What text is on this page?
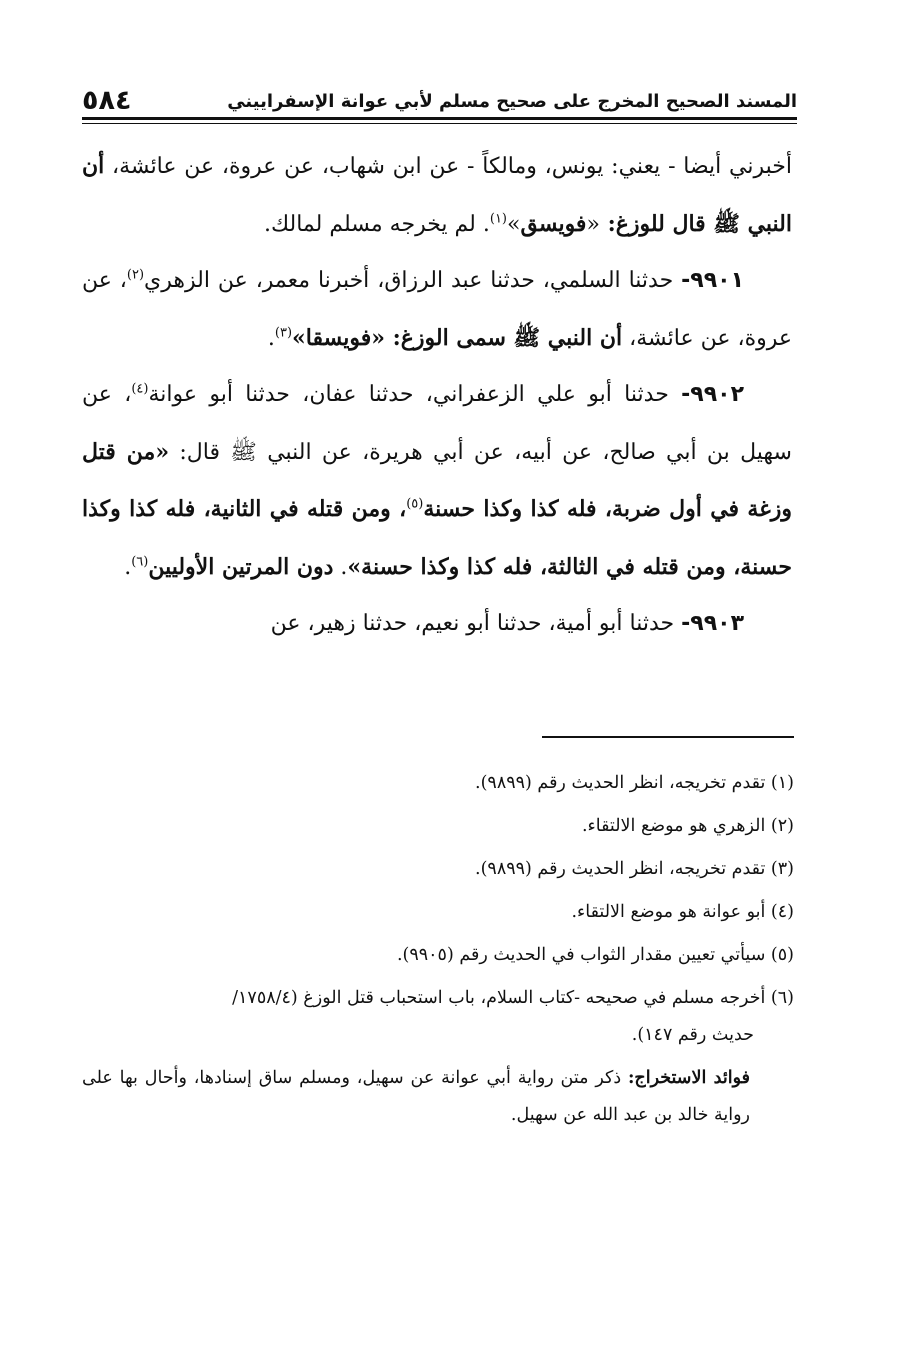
المسند الصحيح المخرج على صحيح مسلم لأبي عوانة الإسفراييني
٥٨٤

أخبرني أيضا - يعني: يونس، ومالكاً - عن ابن شهاب، عن عروة، عن عائشة، أن النبي ﷺ قال للوزغ: «فويسق»$^{(١)}$. لم يخرجه مسلم لمالك.

٩٩٠١- حدثنا السلمي، حدثنا عبد الرزاق، أخبرنا معمر، عن الزهري$^{(٢)}$، عن عروة، عن عائشة، أن النبي ﷺ سمى الوزغ: «فويسقا»$^{(٣)}$.

٩٩٠٢- حدثنا أبو علي الزعفراني، حدثنا عفان، حدثنا أبو عوانة$^{(٤)}$، عن سهيل بن أبي صالح، عن أبيه، عن أبي هريرة، عن النبي ﷺ قال: «من قتل وزغة في أول ضربة، فله كذا وكذا حسنة$^{(٥)}$، ومن قتله في الثانية، فله كذا وكذا حسنة، ومن قتله في الثالثة، فله كذا وكذا حسنة». دون المرتين الأوليين$^{(٦)}$.

٩٩٠٣- حدثنا أبو أمية، حدثنا أبو نعيم، حدثنا زهير، عن

(١) تقدم تخريجه، انظر الحديث رقم (٩٨٩٩).

(٢) الزهري هو موضع الالتقاء.

(٣) تقدم تخريجه، انظر الحديث رقم (٩٨٩٩).

(٤) أبو عوانة هو موضع الالتقاء.

(٥) سيأتي تعيين مقدار الثواب في الحديث رقم (٩٩٠٥).

(٦) أخرجه مسلم في صحيحه -كتاب السلام، باب استحباب قتل الوزغ (١٧٥٨/٤/

حديث رقم ١٤٧).

فوائد الاستخراج: ذكر متن رواية أبي عوانة عن سهيل، ومسلم ساق إسنادها، وأحال بها على رواية خالد بن عبد الله عن سهيل.
